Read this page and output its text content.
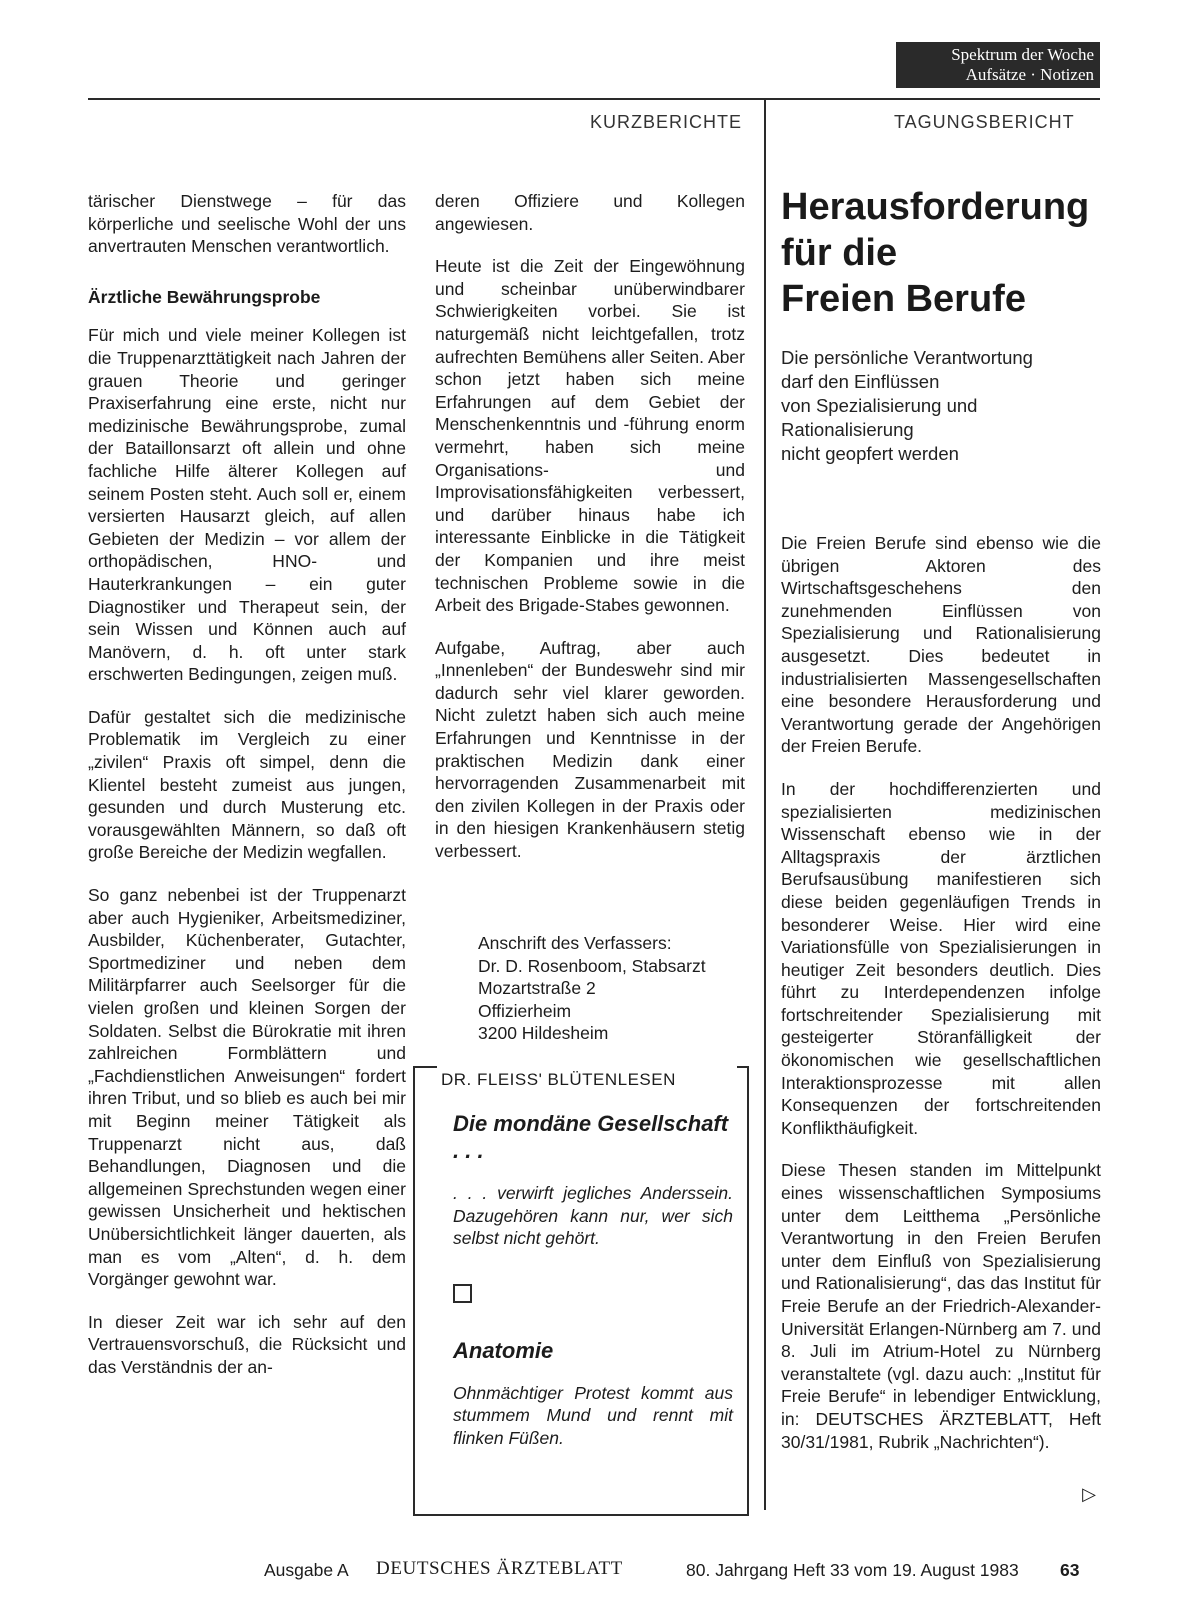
Spektrum der Woche
Aufsätze · Notizen
KURZBERICHTE	TAGUNGSBERICHT

tärischer Dienstwege – für das körperliche und seelische Wohl der uns anvertrauten Menschen verantwortlich.

Ärztliche Bewährungsprobe

Für mich und viele meiner Kollegen ist die Truppenarzttätigkeit nach Jahren der grauen Theorie und geringer Praxiserfahrung eine erste, nicht nur medizinische Bewährungsprobe, zumal der Bataillonsarzt oft allein und ohne fachliche Hilfe älterer Kollegen auf seinem Posten steht. Auch soll er, einem versierten Hausarzt gleich, auf allen Gebieten der Medizin – vor allem der orthopädischen, HNO- und Hauterkrankungen – ein guter Diagnostiker und Therapeut sein, der sein Wissen und Können auch auf Manövern, d. h. oft unter stark erschwerten Bedingungen, zeigen muß.

Dafür gestaltet sich die medizinische Problematik im Vergleich zu einer „zivilen“ Praxis oft simpel, denn die Klientel besteht zumeist aus jungen, gesunden und durch Musterung etc. vorausgewählten Männern, so daß oft große Bereiche der Medizin wegfallen.

So ganz nebenbei ist der Truppenarzt aber auch Hygieniker, Arbeitsmediziner, Ausbilder, Küchenberater, Gutachter, Sportmediziner und neben dem Militärpfarrer auch Seelsorger für die vielen großen und kleinen Sorgen der Soldaten. Selbst die Bürokratie mit ihren zahlreichen Formblättern und „Fachdienstlichen Anweisungen“ fordert ihren Tribut, und so blieb es auch bei mir mit Beginn meiner Tätigkeit als Truppenarzt nicht aus, daß Behandlungen, Diagnosen und die allgemeinen Sprechstunden wegen einer gewissen Unsicherheit und hektischen Unübersichtlichkeit länger dauerten, als man es vom „Alten“, d. h. dem Vorgänger gewohnt war.

In dieser Zeit war ich sehr auf den Vertrauensvorschuß, die Rücksicht und das Verständnis der an-

deren Offiziere und Kollegen angewiesen.

Heute ist die Zeit der Eingewöhnung und scheinbar unüberwindbarer Schwierigkeiten vorbei. Sie ist naturgemäß nicht leichtgefallen, trotz aufrechten Bemühens aller Seiten. Aber schon jetzt haben sich meine Erfahrungen auf dem Gebiet der Menschenkenntnis und -führung enorm vermehrt, haben sich meine Organisations- und Improvisationsfähigkeiten verbessert, und darüber hinaus habe ich interessante Einblicke in die Tätigkeit der Kompanien und ihre meist technischen Probleme sowie in die Arbeit des Brigade-Stabes gewonnen.

Aufgabe, Auftrag, aber auch „Innenleben“ der Bundeswehr sind mir dadurch sehr viel klarer geworden. Nicht zuletzt haben sich auch meine Erfahrungen und Kenntnisse in der praktischen Medizin dank einer hervorragenden Zusammenarbeit mit den zivilen Kollegen in der Praxis oder in den hiesigen Krankenhäusern stetig verbessert.

Anschrift des Verfassers:
Dr. D. Rosenboom, Stabsarzt
Mozartstraße 2
Offizierheim
3200 Hildesheim
DR. FLEISS' BLÜTENLESEN
Die mondäne Gesellschaft . . .

. . . verwirft jegliches Anderssein. Dazugehören kann nur, wer sich selbst nicht gehört.

Anatomie

Ohnmächtiger Protest kommt aus stummem Mund und rennt mit flinken Füßen.

Herausforderung
für die
Freien Berufe
Die persönliche Verantwortung
darf den Einflüssen
von Spezialisierung und
Rationalisierung
nicht geopfert werden

Die Freien Berufe sind ebenso wie die übrigen Aktoren des Wirtschaftsgeschehens den zunehmenden Einflüssen von Spezialisierung und Rationalisierung ausgesetzt. Dies bedeutet in industrialisierten Massengesellschaften eine besondere Herausforderung und Verantwortung gerade der Angehörigen der Freien Berufe.

In der hochdifferenzierten und spezialisierten medizinischen Wissenschaft ebenso wie in der Alltagspraxis der ärztlichen Berufsausübung manifestieren sich diese beiden gegenläufigen Trends in besonderer Weise. Hier wird eine Variationsfülle von Spezialisierungen in heutiger Zeit besonders deutlich. Dies führt zu Interdependenzen infolge fortschreitender Spezialisierung mit gesteigerter Störanfälligkeit der ökonomischen wie gesellschaftlichen Interaktionsprozesse mit allen Konsequenzen der fortschreitenden Konflikthäufigkeit.

Diese Thesen standen im Mittelpunkt eines wissenschaftlichen Symposiums unter dem Leitthema „Persönliche Verantwortung in den Freien Berufen unter dem Einfluß von Spezialisierung und Rationalisierung“, das das Institut für Freie Berufe an der Friedrich-Alexander-Universität Erlangen-Nürnberg am 7. und 8. Juli im Atrium-Hotel zu Nürnberg veranstaltete (vgl. dazu auch: „Institut für Freie Berufe“ in lebendiger Entwicklung, in: DEUTSCHES ÄRZTEBLATT, Heft 30/31/1981, Rubrik „Nachrichten“).

▷
Ausgabe A DEUTSCHES ÄRZTEBLATT	80. Jahrgang Heft 33 vom 19. August 1983 63
